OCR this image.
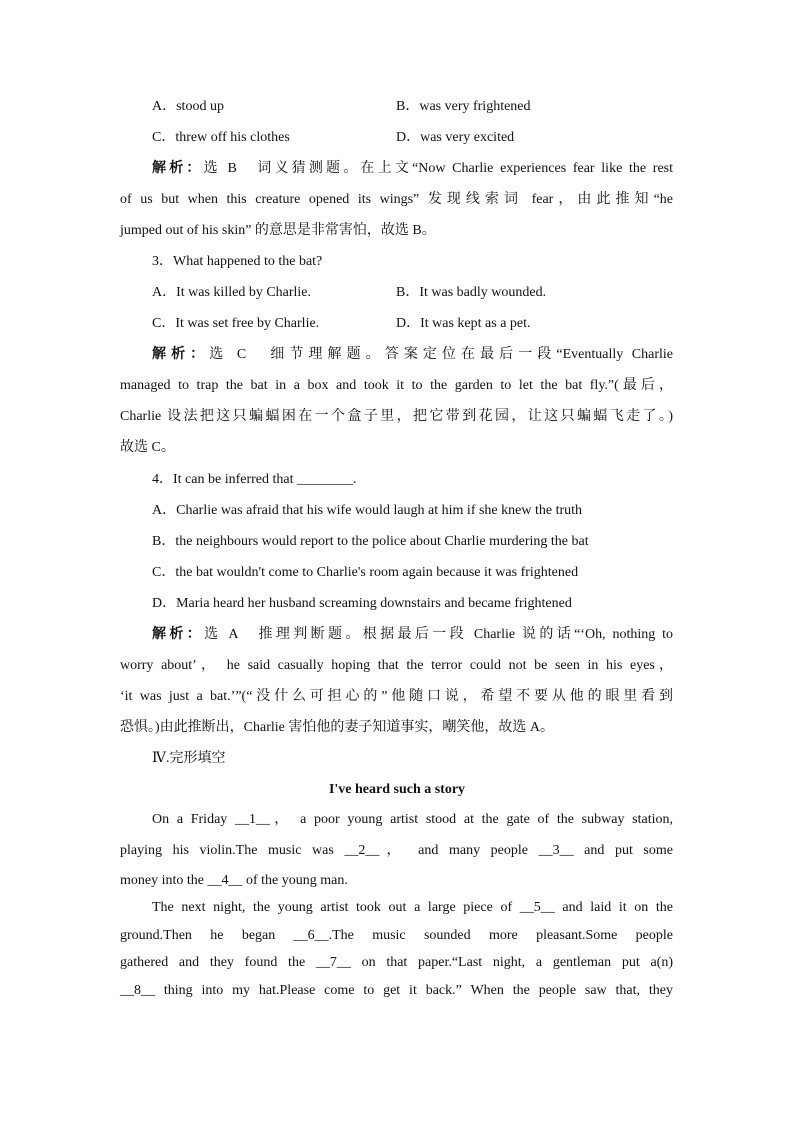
A．stood up	B．was very frightened
C．threw off his clothes	D．was very excited
解析：选 B　词义猜测题。在上文“Now Charlie experiences fear like the rest
of us but when this creature opened its wings” 发现线索词 fear，由此推知“he
jumped out of his skin” 的意思是非常害怕，故选 B。
3．What happened to the bat?
A．It was killed by Charlie.	B．It was badly wounded.
C．It was set free by Charlie.	D．It was kept as a pet.
解析：选 C　细节理解题。答案定位在最后一段“Eventually Charlie
managed to trap the bat in a box and took it to the garden to let the bat fly.”(最后，
Charlie 设法把这只蝙蝠困在一个盒子里，把它带到花园，让这只蝙蝠飞走了。)
故选 C。
4．It can be inferred that ________.
A．Charlie was afraid that his wife would laugh at him if she knew the truth
B．the neighbours would report to the police about Charlie murdering the bat
C．the bat wouldn't come to Charlie's room again because it was frightened
D．Maria heard her husband screaming downstairs and became frightened
解析：选 A　推理判断题。根据最后一段 Charlie 说的话“‘Oh, nothing to
worry about’， he said casually hoping that the terror could not be seen in his eyes，
‘it was just a bat.’”(“没什么可担心的”他随口说，希望不要从他的眼里看到
恐惧。)由此推断出，Charlie 害怕他的妻子知道事实，嘲笑他，故选 A。
Ⅳ.完形填空
I've heard such a story
On a Friday __1__， a poor young artist stood at the gate of the subway station,
playing his violin.The music was __2__， and many people __3__ and put some
money into the __4__ of the young man.
The next night, the young artist took out a large piece of __5__ and laid it on the
ground.Then he began __6__.The music sounded more pleasant.Some people
gathered and they found the __7__ on that paper.“Last night, a gentleman put a(n)
__8__ thing into my hat.Please come to get it back.” When the people saw that, they
